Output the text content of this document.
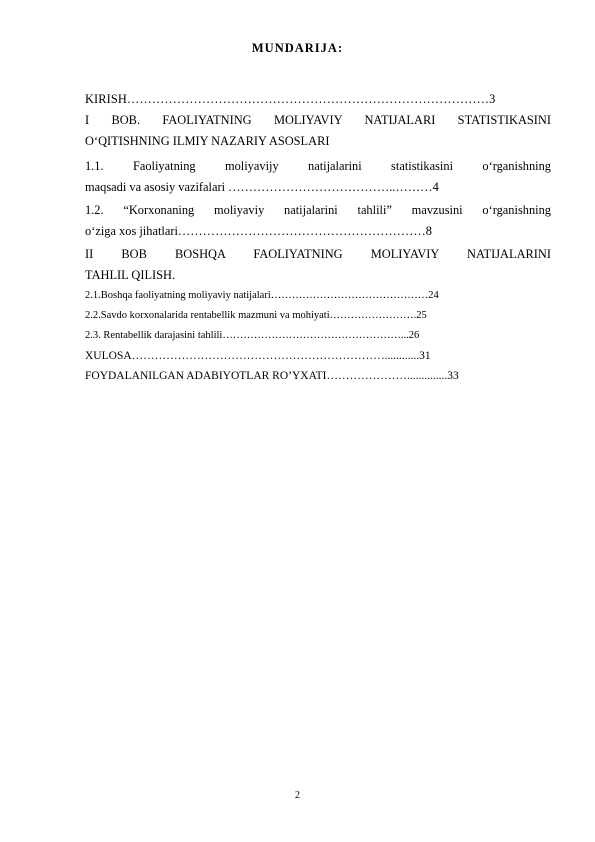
MUNDARIJA:
KIRISH……………………………………………………………………………3
I BOB. FAOLIYATNING MOLIYAVIY NATIJALARI STATISTIKASINI
O‘QITISHNING ILMIY NAZARIY ASOSLARI
1.1. Faoliyatning moliyavijy natijalarini statistikasini o‘rganishning
maqsadi va asosiy vazifalari …………………………………..………4
1.2. “Korxonaning moliyaviy natijalarini tahlili” mavzusini o‘rganishning
o‘ziga xos jihatlari……………………………………………………8
II BOB BOSHQA FAOLIYATNING MOLIYAVIY NATIJALARINI
TAHLIL QILISH.
2.1.Boshqa faoliyatning moliyaviy natijalari………………………………………24
2.2.Savdo korxonalarida rentabellik mazmuni va mohiyati…………………….25
2.3. Rentabellik darajasini tahlili……………………………………………...26
XULOSA…………………………………………………………............31
FOYDALANILGAN ADABIYOTLAR RO’YXATI…………………..............33
2
